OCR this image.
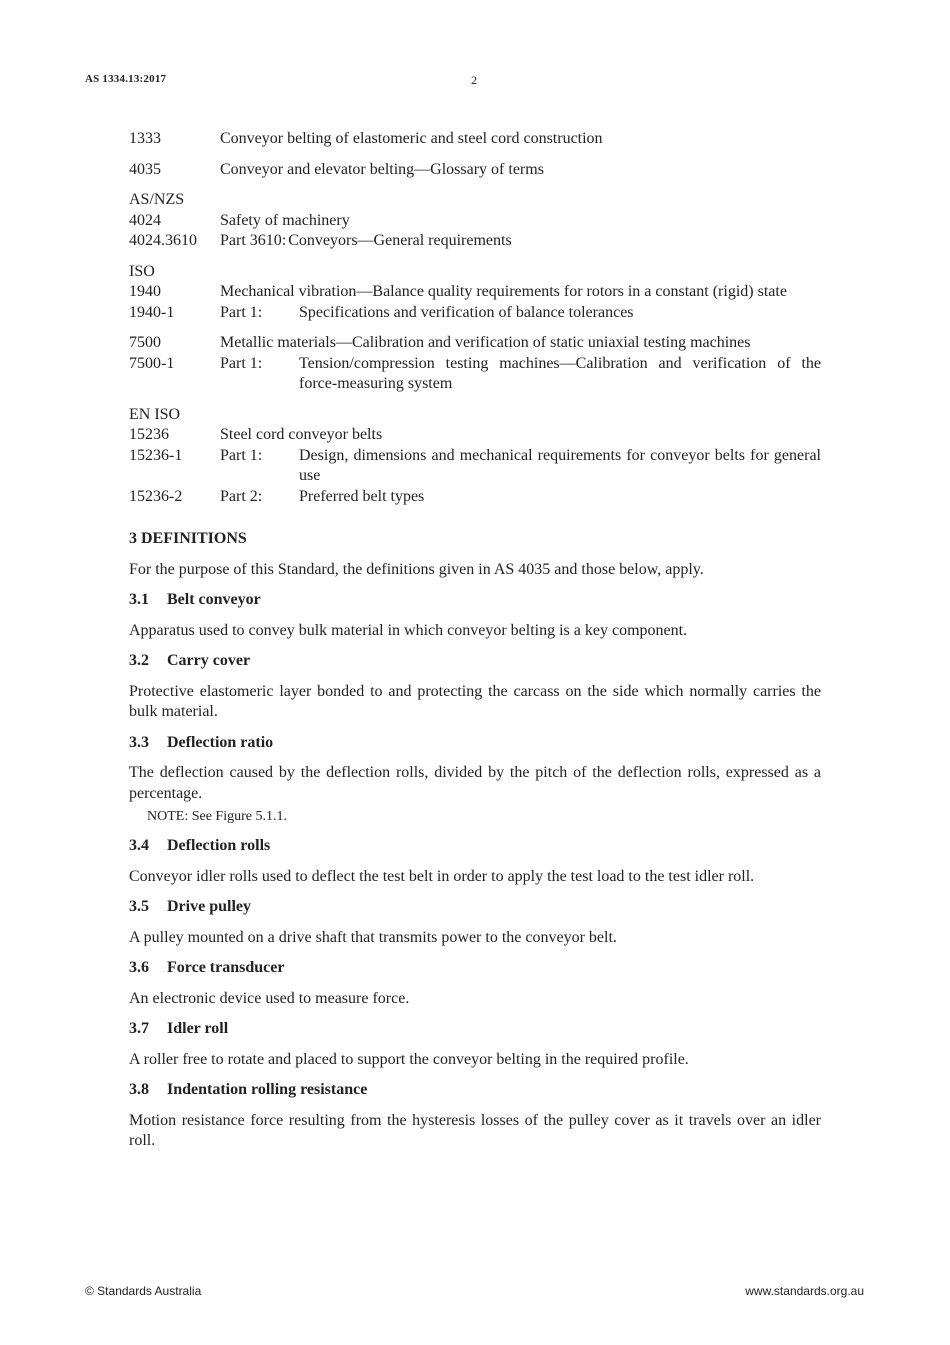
AS 1334.13:2017	2
1333	Conveyor belting of elastomeric and steel cord construction
4035	Conveyor and elevator belting—Glossary of terms
AS/NZS
4024	Safety of machinery
4024.3610	Part 3610: Conveyors—General requirements
ISO
1940	Mechanical vibration—Balance quality requirements for rotors in a constant (rigid) state
1940-1	Part 1:	Specifications and verification of balance tolerances
7500	Metallic materials—Calibration and verification of static uniaxial testing machines
7500-1	Part 1:	Tension/compression testing machines—Calibration and verification of the force-measuring system
EN ISO
15236	Steel cord conveyor belts
15236-1	Part 1:	Design, dimensions and mechanical requirements for conveyor belts for general use
15236-2	Part 2:	Preferred belt types
3 DEFINITIONS
For the purpose of this Standard, the definitions given in AS 4035 and those below, apply.
3.1 Belt conveyor
Apparatus used to convey bulk material in which conveyor belting is a key component.
3.2 Carry cover
Protective elastomeric layer bonded to and protecting the carcass on the side which normally carries the bulk material.
3.3 Deflection ratio
The deflection caused by the deflection rolls, divided by the pitch of the deflection rolls, expressed as a percentage.
NOTE: See Figure 5.1.1.
3.4 Deflection rolls
Conveyor idler rolls used to deflect the test belt in order to apply the test load to the test idler roll.
3.5 Drive pulley
A pulley mounted on a drive shaft that transmits power to the conveyor belt.
3.6 Force transducer
An electronic device used to measure force.
3.7 Idler roll
A roller free to rotate and placed to support the conveyor belting in the required profile.
3.8 Indentation rolling resistance
Motion resistance force resulting from the hysteresis losses of the pulley cover as it travels over an idler roll.
© Standards Australia	www.standards.org.au
